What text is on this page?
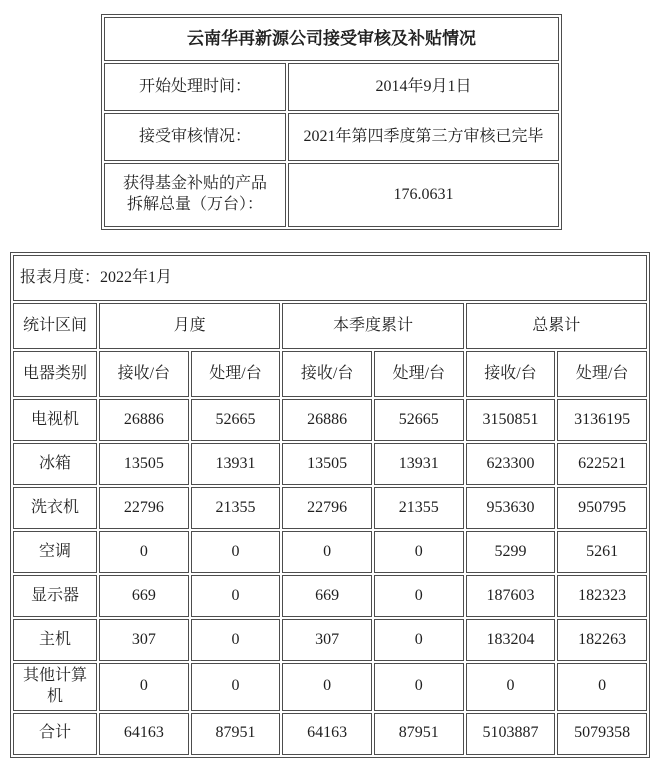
云南华再新源公司接受审核及补贴情况	
开始处理时间：	2014年9月1日
接受审核情况：	2021年第四季度第三方审核已完毕
获得基金补贴的产品拆解总量（万台）：	176.0631
报表月度：2022年1月						
统计区间	月度		本季度累计		总累计	
电器类别	接收/台	处理/台	接收/台	处理/台	接收/台	处理/台
电视机	26886	52665	26886	52665	3150851	3136195
冰箱	13505	13931	13505	13931	623300	622521
洗衣机	22796	21355	22796	21355	953630	950795
空调	0	0	0	0	5299	5261
显示器	669	0	669	0	187603	182323
主机	307	0	307	0	183204	182263
其他计算机	0	0	0	0	0	0
合计	64163	87951	64163	87951	5103887	5079358
